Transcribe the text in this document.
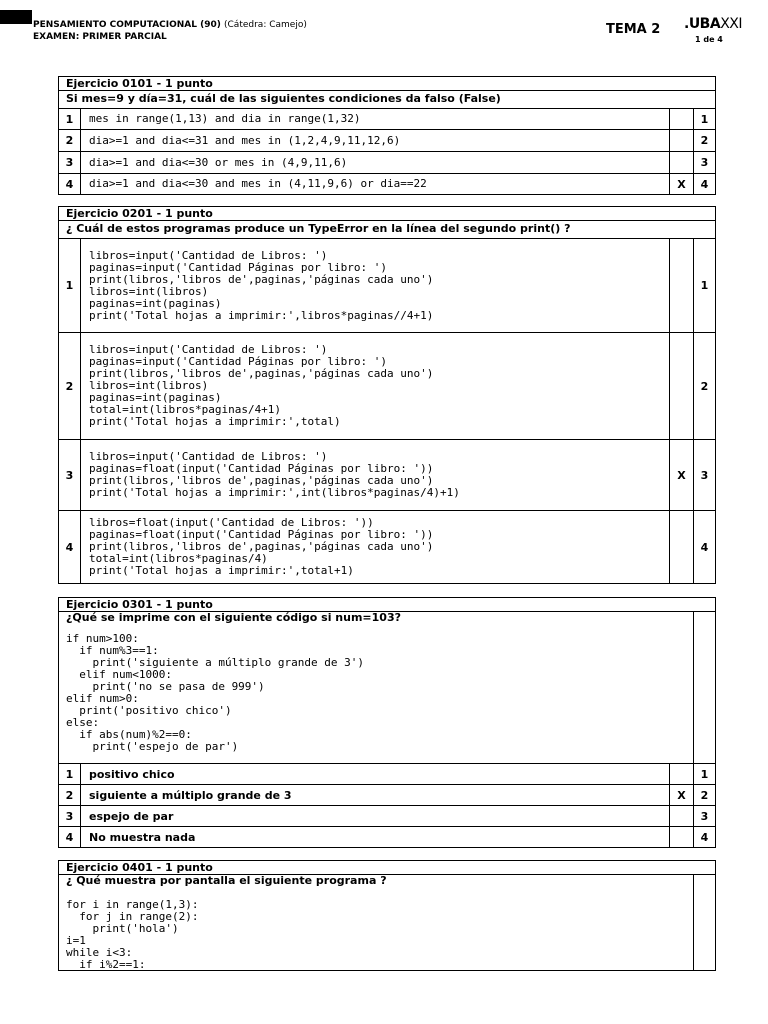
PENSAMIENTO COMPUTACIONAL (90) (Cátedra: Camejo)
EXAMEN: PRIMER PARCIAL	TEMA 2 .UBAXXI
1 de 4
Ejercicio 0101 - 1 punto
Si mes=9 y día=31, cuál de las siguientes condiciones da falso (False)
1 mes in range(1,13) and dia in range(1,32)	1
2 dia>=1 and dia<=31 and mes in (1,2,4,9,11,12,6)	2
3 dia>=1 and dia<=30 or mes in (4,9,11,6)	3
4 dia>=1 and dia<=30 and mes in (4,11,9,6) or dia==22	X 4
Ejercicio 0201 - 1 punto
¿ Cuál de estos programas produce un TypeError en la línea del segundo print() ?
1
libros=input('Cantidad de Libros: ')
paginas=input('Cantidad Páginas por libro: ')
print(libros,'libros de',paginas,'páginas cada uno')
libros=int(libros)
paginas=int(paginas)
print('Total hojas a imprimir:',libros*paginas//4+1)
1
2
libros=input('Cantidad de Libros: ')
paginas=input('Cantidad Páginas por libro: ')
print(libros,'libros de',paginas,'páginas cada uno')
libros=int(libros)
paginas=int(paginas)
total=int(libros*paginas/4+1)
print('Total hojas a imprimir:',total)
2
3
libros=input('Cantidad de Libros: ')
paginas=float(input('Cantidad Páginas por libro: '))
print(libros,'libros de',paginas,'páginas cada uno')
print('Total hojas a imprimir:',int(libros*paginas/4)+1)
X 3
4
libros=float(input('Cantidad de Libros: '))
paginas=float(input('Cantidad Páginas por libro: '))
print(libros,'libros de',paginas,'páginas cada uno')
total=int(libros*paginas/4)
print('Total hojas a imprimir:',total+1)
4
Ejercicio 0301 - 1 punto
¿Qué se imprime con el siguiente código si num=103?
if num>100:
if num%3==1:
print('siguiente a múltiplo grande de 3')
elif num<1000:
print('no se pasa de 999')
elif num>0:
print('positivo chico')
else:
if abs(num)%2==0:
print('espejo de par')
1 positivo chico	1
2 siguiente a múltiplo grande de 3	X 2
3 espejo de par	3
4 No muestra nada	4
Ejercicio 0401 - 1 punto
¿ Qué muestra por pantalla el siguiente programa ?
for i in range(1,3):
for j in range(2):
print('hola')
i=1
while i<3:
if i%2==1:
